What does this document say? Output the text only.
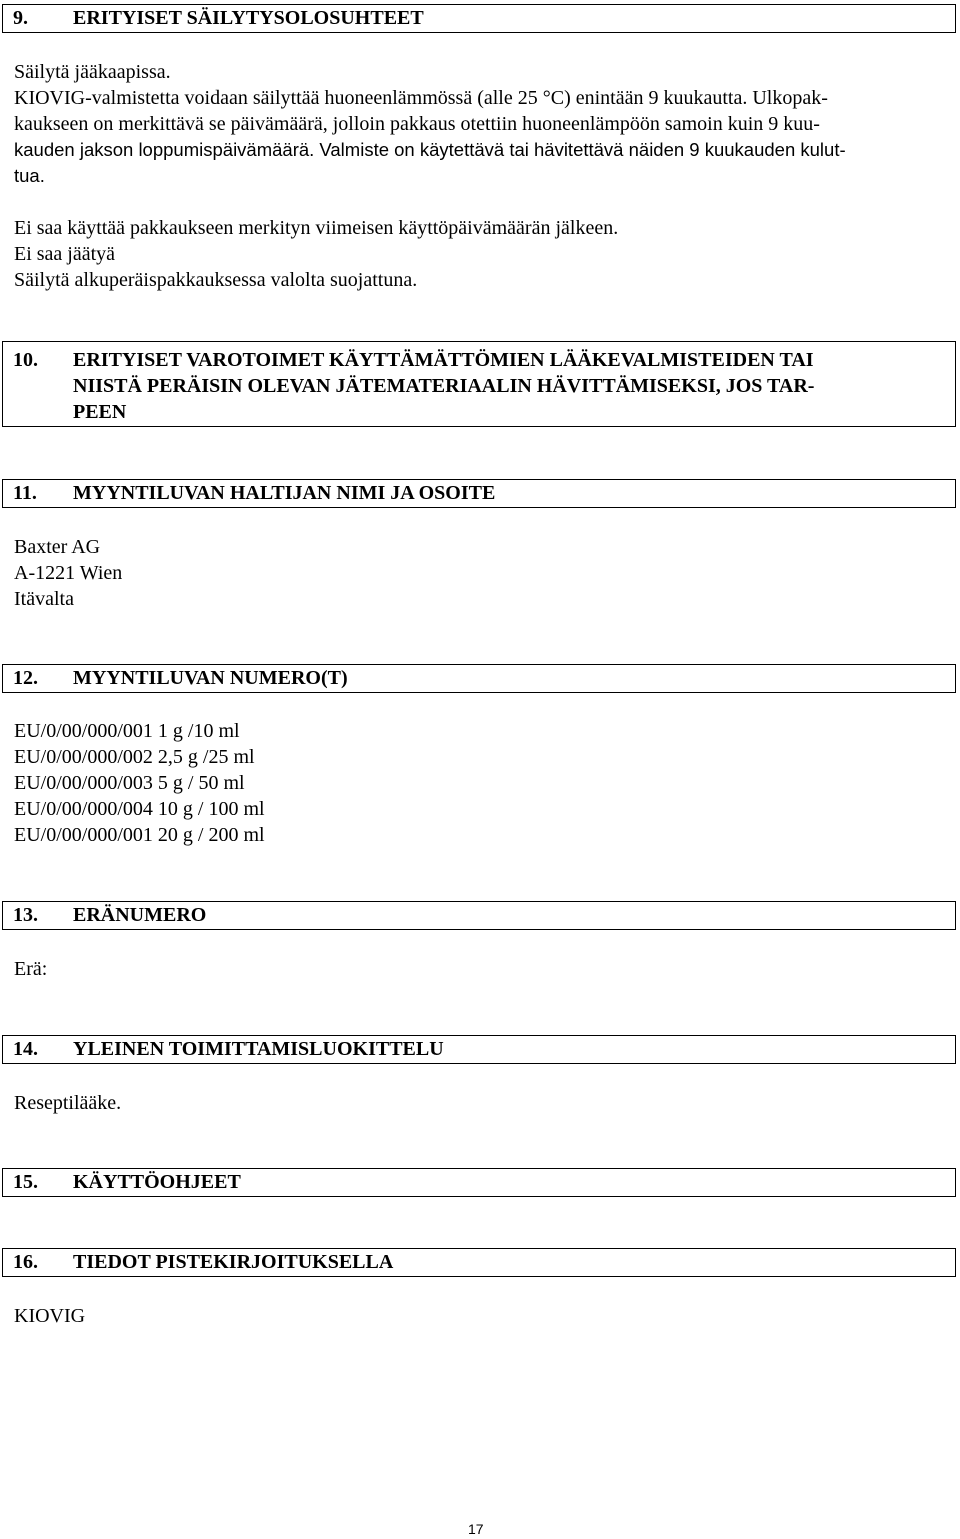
9. ERITYISET SÄILYTYSOLOSUHTEET
Säilytä jääkaapissa.
KIOVIG-valmistetta voidaan säilyttää huoneenlämmössä (alle 25 °C) enintään 9 kuukautta. Ulkopak-
kaukseen on merkittävä se päivämäärä, jolloin pakkaus otettiin huoneenlämpöön samoin kuin 9 kuu-
kauden jakson loppumispäivämäärä. Valmiste on käytettävä tai hävitettävä näiden 9 kuukauden kulut-
tua.
Ei saa käyttää pakkaukseen merkityn viimeisen käyttöpäivämäärän jälkeen.
Ei saa jäätyä
Säilytä alkuperäispakkauksessa valolta suojattuna.
10. ERITYISET VAROTOIMET KÄYTTÄMÄTTÖMIEN LÄÄKEVALMISTEIDEN TAI
NIISTÄ PERÄISIN OLEVAN JÄTEMATERIAALIN HÄVITTÄMISEKSI, JOS TAR-
PEEN
11. MYYNTILUVAN HALTIJAN NIMI JA OSOITE
Baxter AG
A-1221 Wien
Itävalta
12. MYYNTILUVAN NUMERO(T)
EU/0/00/000/001 1 g /10 ml
EU/0/00/000/002 2,5 g /25 ml
EU/0/00/000/003 5 g / 50 ml
EU/0/00/000/004 10 g / 100 ml
EU/0/00/000/001 20 g / 200 ml
13. ERÄNUMERO
Erä:
14. YLEINEN TOIMITTAMISLUOKITTELU
Reseptilääke.
15. KÄYTTÖOHJEET
16. TIEDOT PISTEKIRJOITUKSELLA
KIOVIG
17
